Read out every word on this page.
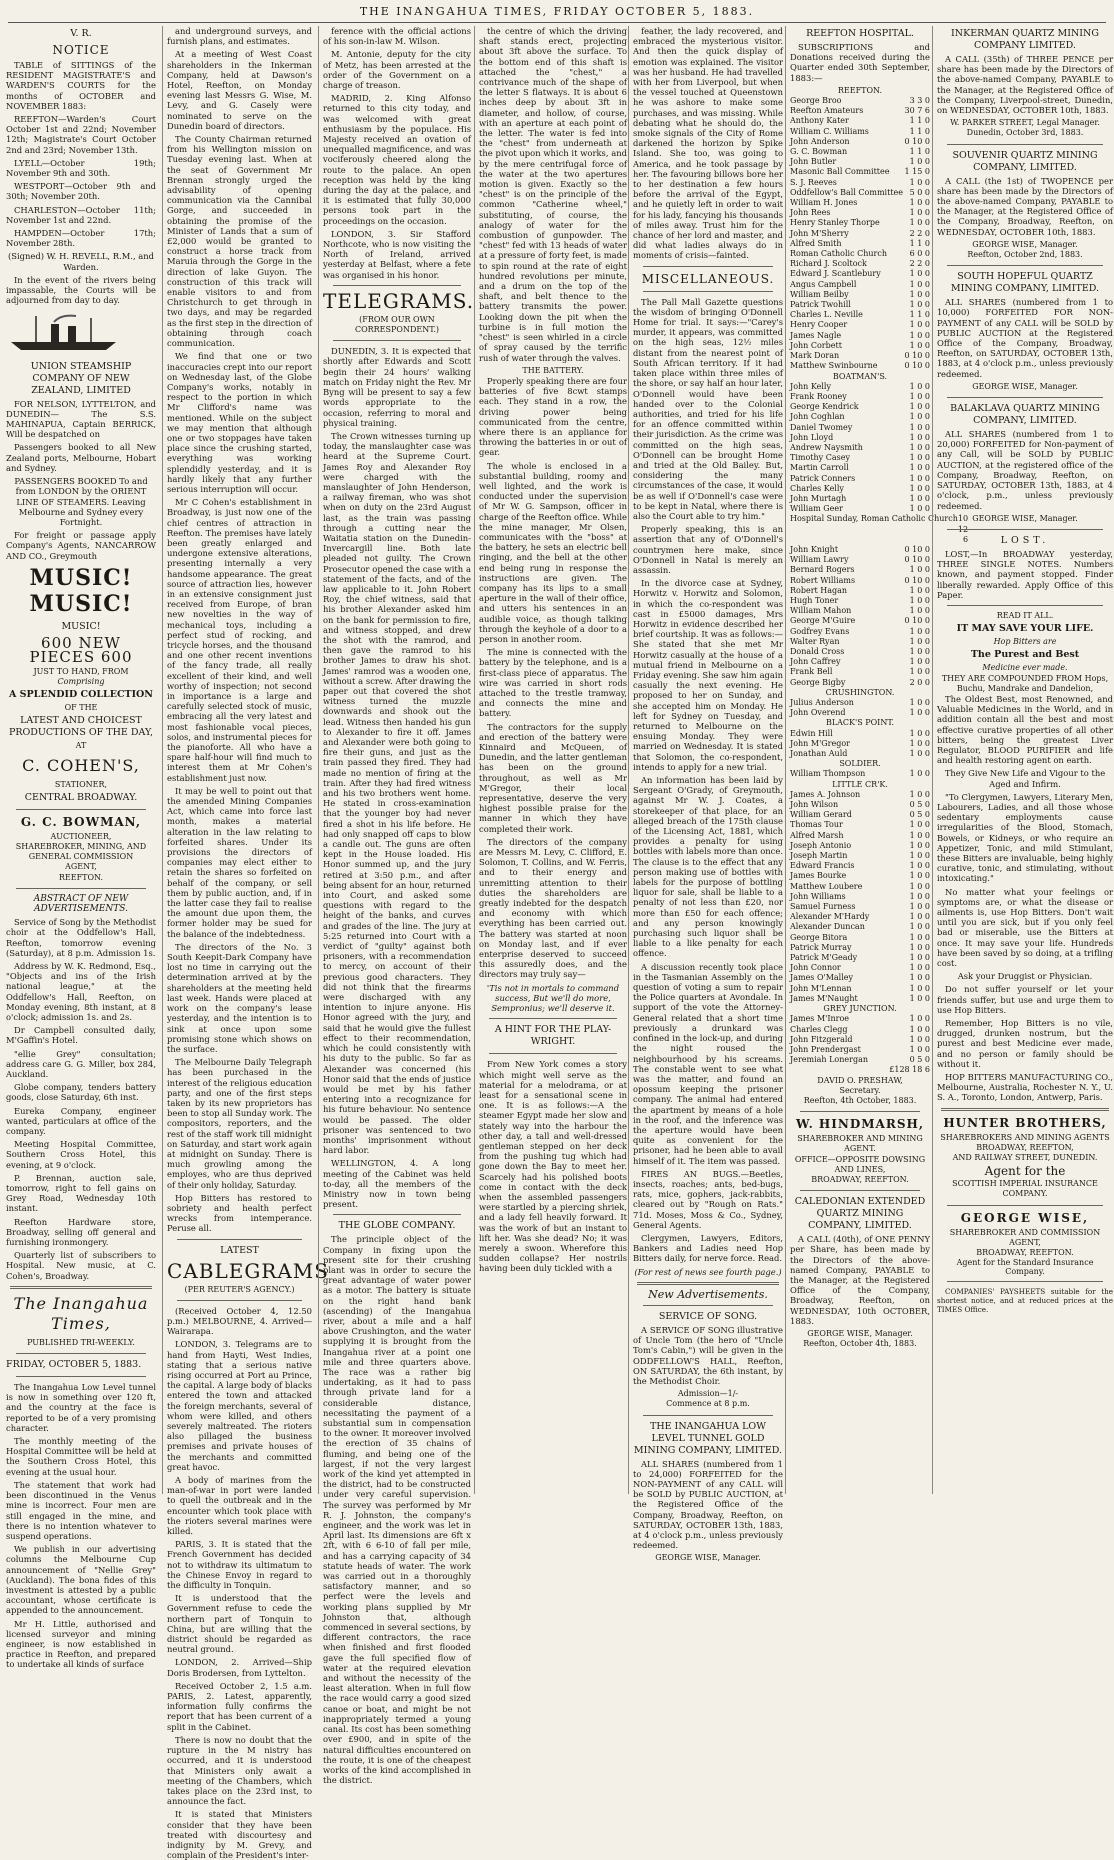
THE INANGAHUA TIMES, FRIDAY OCTOBER 5, 1883.
V. R.
NOTICE

TABLE of SITTINGS of the RESIDENT MAGISTRATE'S and WARDEN'S COURTS for the months of OCTOBER and NOVEMBER 1883:

REEFTON—Warden's Court October 1st and 22nd; November 12th; Magistrate's Court October 2nd and 23rd; November 13th.

LYELL—October 19th; November 9th and 30th.

WESTPORT—October 9th and 30th; November 20th.

CHARLESTON—October 11th; November 1st and 22nd.

HAMPDEN—October 17th; November 28th.

(Signed) W. H. REVELL, R.M., and Warden.

In the event of the rivers being impassable, the Courts will be adjourned from day to day.

UNION STEAMSHIP COMPANY OF NEW ZEALAND, LIMITED

FOR NELSON, LYTTELTON, and DUNEDIN— The S.S. MAHINAPUA, Captain BERRICK, Will be despatched on

Passengers booked to all New Zealand ports, Melbourne, Hobart and Sydney.

PASSENGERS BOOKED To and from LONDON by the ORIENT LINE OF STEAMERS. Leaving Melbourne and Sydney every Fortnight.

For freight or passage apply Company's Agents, NANCARROW AND CO., Greymouth

MUSIC! MUSIC!
MUSIC!
600 NEW PIECES 600
JUST TO HAND, FROM
Comprising
A SPLENDID COLLECTION
OF THE
LATEST AND CHOICEST PRODUCTIONS OF THE DAY,
AT
C. COHEN'S,
STATIONER,
CENTRAL BROADWAY.
G. C. BOWMAN,
AUCTIONEER,
SHAREBROKER, MINING, AND
GENERAL COMMISSION
AGENT,
REEFTON.
ABSTRACT OF NEW ADVERTISEMENTS.

Service of Song by the Methodist choir at the Oddfellow's Hall, Reefton, tomorrow evening (Saturday), at 8 p.m. Admission 1s.

Address by W. K. Redmond, Esq., "Objects and ins of the Irish national league," at the Oddfellow's Hall, Reefton, on Monday evening, 8th instant, at 8 o'clock; admission 1s. and 2s.

Dr Campbell consulted daily, M'Gaffin's Hotel.

"ellie Grey" consultation; address care G. G. Miller, box 284, Auckland.

Globe company, tenders battery goods, close Saturday, 6th inst.

Eureka Company, engineer wanted, particulars at office of the company.

Meeting Hospital Committee, Southern Cross Hotel, this evening, at 9 o'clock.

P. Brennan, auction sale, tomorrow, right to fell gains on Grey Road, Wednesday 10th instant.

Reefton Hardware store, Broadway, selling off general and furnishing ironmongery.

Quarterly list of subscribers to Hospital. New music, at C. Cohen's, Broadway.

The Inangahua Times,
PUBLISHED TRI-WEEKLY.
FRIDAY, OCTOBER 5, 1883.

The Inangahua Low Level tunnel is now in something over 120 ft, and the country at the face is reported to be of a very promising character.

The monthly meeting of the Hospital Committee will be held at the Southern Cross Hotel, this evening at the usual hour.

The statement that work had been discontinued in the Venus mine is incorrect. Four men are still engaged in the mine, and there is no intention whatever to suspend operations.

We publish in our advertising columns the Melbourne Cup announcement of "Nellie Grey" (Auckland). The bona fides of this investment is attested by a public accountant, whose certificate is appended to the announcement.

Mr H. Little, authorised and licensed surveyor and mining engineer, is now established in practice in Reefton, and prepared to undertake all kinds of surface

and underground surveys, and furnish plans, and estimates.

At a meeting of West Coast shareholders in the Inkerman Company, held at Dawson's Hotel, Reefton, on Monday evening last Messrs G. Wise, M. Levy, and G. Casely were nominated to serve on the Dunedin board of directors.

The County Chairman returned from his Wellington mission on Tuesday evening last. When at the seat of Government Mr Brennan strongly urged the advisability of opening communication via the Cannibal Gorge, and succeeded in obtaining the promise of the Minister of Lands that a sum of £2,000 would be granted to construct a horse track from Maruia through the Gorge in the direction of lake Guyon. The construction of this track will enable visitors to and from Christchurch to get through in two days, and may be regarded as the first step in the direction of obtaining through coach communication.

We find that one or two inaccuracies crept into our report on Wednesday last, of the Globe Company's works, notably in respect to the portion in which Mr Clifford's name was mentioned. While on the subject we may mention that although one or two stoppages have taken place since the crushing started, everything was working splendidly yesterday, and it is hardly likely that any further serious interruption will occur.

Mr C Cohen's establishment in Broadway, is just now one of the chief centres of attraction in Reefton. The premises have lately been greatly enlarged and undergone extensive alterations, presenting internally a very handsome appearance. The great source of attraction lies, however in an extensive consignment just received from Europe, of bran new novelties in the way of mechanical toys, including a perfect stud of rocking, and tricycle horses, and the thousand and one other recent inventions of the fancy trade, all really excellent of their kind, and well worthy of inspection; not second in importance is a large and carefully selected stock of music, embracing all the very latest and most fashionable vocal pieces, solos, and instrumental pieces for the pianoforte. All who have a spare half-hour will find much to interest them at Mr Cohen's establishment just now.

It may be well to point out that the amended Mining Companies Act, which came into force last month, makes a material alteration in the law relating to forfeited shares. Under its provisions the directors of companies may elect either to retain the shares so forfeited on behalf of the company, or sell them by public auction, and, if in the latter case they fail to realise the amount due upon them, the former holder may be sued for the balance of the indebtedness.

The directors of the No. 3 South Keepit-Dark Company have lost no time in carrying out the determination arrived at by the shareholders at the meeting held last week. Hands were placed at work on the company's lease yesterday, and the intention is to sink at once upon some promising stone which shows on the surface.

The Melbourne Daily Telegraph has been purchased in the interest of the religious education party, and one of the first steps taken by its new proprietors has been to stop all Sunday work. The compositors, reporters, and the rest of the staff work till midnight on Saturday, and start work again at midnight on Sunday. There is much growling among the employes, who are thus deprived of their only holiday, Saturday.

Hop Bitters has restored to sobriety and health perfect wrecks from intemperance. Peruse all.

LATEST
CABLEGRAMS
(PER REUTER'S AGENCY.)

(Received October 4, 12.50 p.m.) MELBOURNE, 4. Arrived—Wairarapa.

LONDON, 3. Telegrams are to hand from Hayti, West Indies, stating that a serious native rising occurred at Port au Prince, the capital. A large body of blacks entered the town and attacked the foreign merchants, several of whom were killed, and others severely maltreated. The rioters also pillaged the business premises and private houses of the merchants and committed great havoc.

A body of marines from the man-of-war in port were landed to quell the outbreak and in the encounter which took place with the rioters several marines were killed.

PARIS, 3. It is stated that the French Government has decided not to withdraw its ultimatum to the Chinese Envoy in regard to the difficulty in Tonquin.

It is understood that the Government refuse to cede the northern part of Tonquin to China, but are willing that the district should be regarded as neutral ground.

LONDON, 2. Arrived—Ship Doris Brodersen, from Lyttelton.

Received October 2, 1.5 a.m. PARIS, 2. Latest, apparently, information fully confirms the report that has been current of a split in the Cabinet.

There is now no doubt that the rupture in the M nistry has occurred, and it is understood that Ministers only await a meeting of the Chambers, which takes place on the 23rd inst, to announce the fact.

It is stated that Ministers consider that they have been treated with discourtesy and indignity by M. Grevy, and complain of the President's inter-

ference with the official actions of his son-in-law M. Wilson.

M. Antonie, deputy for the city of Metz, has been arrested at the order of the Government on a charge of treason.

MADRID, 2. King Alfonso returned to this city today, and was welcomed with great enthusiasm by the populace. His Majesty received an ovation of unequalled magnificence, and was vociferously cheered along the route to the palace. An open reception was held by the king during the day at the palace, and it is estimated that fully 30,000 persons took part in the proceedings on the occasion.

LONDON, 3. Sir Stafford Northcote, who is now visiting the North of Ireland, arrived yesterday at Belfast, where a fete was organised in his honor.

TELEGRAMS.
(FROM OUR OWN CORRESPONDENT.)

DUNEDIN, 3. It is expected that shortly after Edwards and Scott begin their 24 hours' walking match on Friday night the Rev. Mr Byng will be present to say a few words appropriate to the occasion, referring to moral and physical training.

The Crown witnesses turning up today, the manslaughter case was heard at the Supreme Court. James Roy and Alexander Roy were charged with the manslaughter of John Henderson, a railway fireman, who was shot when on duty on the 23rd August last, as the train was passing through a cutting near the Waitatia station on the Dunedin-Invercargill line. Both late pleaded not guilty. The Crown Prosecutor opened the case with a statement of the facts, and of the law applicable to it. John Robert Roy, the chief witness, said that his brother Alexander asked him on the bank for permission to fire, and witness stopped, and drew the shot with the ramrod, and then gave the ramrod to his brother James to draw his shot. James' ramrod was a wooden one, without a screw. After drawing the paper out that covered the shot witness turned the muzzle downwards and shook out the lead. Witness then handed his gun to Alexander to fire it off. James and Alexander were both going to fire their guns, and just as the train passed they fired. They had made no mention of firing at the train. After they had fired witness and his two brothers went home. He stated in cross-examination that the younger boy had never fired a shot in his life before. He had only snapped off caps to blow a candle out. The guns are often kept in the House loaded. His Honor summed up, and the jury retired at 3:50 p.m., and after being absent for an hour, returned into Court, and asked some questions with regard to the height of the banks, and curves and grades of the line. The jury at 5:25 returned into Court with a verdict of "guilty" against both prisoners, with a recommendation to mercy, on account of their previous good characters. They did not think that the firearms were discharged with any intention to injure anyone. His Honor agreed with the jury, and said that he would give the fullest effect to their recommendation, which he could consistently with his duty to the public. So far as Alexander was concerned (his Honor said that the ends of justice would be met by his father entering into a recognizance for his future behaviour. No sentence would be passed. The older prisoner was sentenced to two months' imprisonment without hard labor.

WELLINGTON, 4. A long meeting of the Cabinet was held to-day, all the members of the Ministry now in town being present.

THE GLOBE COMPANY.

The principle object of the Company in fixing upon the present site for their crushing plant was in order to secure the great advantage of water power as a motor. The battery is situate on the right hand bank (ascending) of the Inangahua river, about a mile and a half above Crushington, and the water supplying it is brought from the Inangahua river at a point one mile and three quarters above. The race was a rather big undertaking, as it had to pass through private land for a considerable distance, necessitating the payment of a substantial sum in compensation to the owner. It moreover involved the erection of 35 chains of fluming, and being one of the largest, if not the very largest work of the kind yet attempted in the district, had to be constructed under very careful supervision. The survey was performed by Mr R. J. Johnston, the company's engineer, and the work was let in April last. Its dimensions are 6ft x 2ft, with 6 6-10 of fall per mile, and has a carrying capacity of 34 statute heads of water. The work was carried out in a thoroughly satisfactory manner, and so perfect were the levels and working plans supplied by Mr Johnston that, although commenced in several sections, by different contractors, the race when finished and first flooded gave the full specified flow of water at the required elevation and without the necessity of the least alteration. When in full flow the race would carry a good sized canoe or boat, and might be not inappropriately termed a young canal. Its cost has been something over £900, and in spite of the natural difficulties encountered on the route, it is one of the cheapest works of the kind accomplished in the district.

the centre of which the driving shaft stands erect, projecting about 3ft above the surface. To the bottom end of this shaft is attached the "chest," a contrivance much of the shape of the letter S flatways. It is about 6 inches deep by about 3ft in diameter, and hollow, of course, with an aperture at each point of the letter. The water is fed into the "chest" from underneath at the pivot upon which it works, and by the mere centrifugal force of the water at the two apertures motion is given. Exactly so the "chest" is on the principle of the common "Catherine wheel," substituting, of course, the analogy of water for the combustion of gunpowder. The "chest" fed with 13 heads of water at a pressure of forty feet, is made to spin round at the rate of eight hundred revolutions per minute, and a drum on the top of the shaft, and belt thence to the battery transmits the power. Looking down the pit when the turbine is in full motion the "chest" is seen whirled in a circle of spray caused by the terrific rush of water through the valves.

THE BATTERY.

Properly speaking there are four batteries of five 8cwt stamps each. They stand in a row, the driving power being communicated from the centre, where there is an appliance for throwing the batteries in or out of gear.

The whole is enclosed in a substantial building, roomy and well lighted, and the work is conducted under the supervision of Mr W. G. Sampson, officer in charge of the Reefton office. While the mine manager, Mr Olsen, communicates with the "boss" at the battery, he sets an electric bell ringing, and the bell at the other end being rung in response the instructions are given. The company has its lips to a small aperture in the wall of their office, and utters his sentences in an audible voice, as though talking through the keyhole of a door to a person in another room.

The mine is connected with the battery by the telephone, and is a first-class piece of apparatus. The wire was carried in short rods attached to the trestle tramway, and connects the mine and battery.

The contractors for the supply and erection of the battery were Kinnaird and McQueen, of Dunedin, and the latter gentleman has been on the ground throughout, as well as Mr M'Gregor, their local representative, deserve the very highest possible praise for the manner in which they have completed their work.

The directors of the company are Messrs M. Levy, C. Clifford, E. Solomon, T. Collins, and W. Ferris, and to their energy and unremitting attention to their duties the shareholders are greatly indebted for the despatch and economy with which everything has been carried out. The battery was started at noon on Monday last, and if ever enterprise deserved to succeed this assuredly does, and the directors may truly say—

'Tis not in mortals to command success, But we'll do more, Sempronius; we'll deserve it.

A HINT FOR THE PLAY-WRIGHT.

From New York comes a story which might well serve as the material for a melodrama, or at least for a sensational scene in one. It is as follows:—A the steamer Egypt made her slow and stately way into the harbour the other day, a tall and well-dressed gentleman stepped on her deck from the pushing tug which had gone down the Bay to meet her. Scarcely had his polished boots come in contact with the deck when the assembled passengers were startled by a piercing shriek, and a lady fell heavily forward. It was the work of but an instant to lift her. Was she dead? No; it was merely a swoon. Wherefore this sudden collapse? Her nostrils having been duly tickled with a

feather, the lady recovered, and embraced the mysterious visitor. And then the quick display of emotion was explained. The visitor was her husband. He had travelled with her from Liverpool, but when the vessel touched at Queenstown he was ashore to make some purchases, and was missing. While debating what he should do, the smoke signals of the City of Rome darkened the horizon by Spike Island. She too, was going to America, and he took passage by her. The favouring billows bore her to her destination a few hours before the arrival of the Egypt, and he quietly left in order to wait for his lady, fancying his thousands of miles away. Trust him for the chance of her lord and master, and did what ladies always do in moments of crisis—fainted.

MISCELLANEOUS.

The Pall Mall Gazette questions the wisdom of bringing O'Donnell Home for trial. It says:—"Carey's murder, it appears, was committed on the high seas, 12½ miles distant from the nearest point of South African territory. If it had taken place within three miles of the shore, or say half an hour later, O'Donnell would have been handed over to the Colonial authorities, and tried for his life for an offence committed within their jurisdiction. As the crime was committed on the high seas, O'Donnell can be brought Home and tried at the Old Bailey. But, considering the many circumstances of the case, it would be as well if O'Donnell's case were to be kept in Natal, where there is also the Court able to try him."

Properly speaking, this is an assertion that any of O'Donnell's countrymen here make, since O'Donnell in Natal is merely an assassin.

In the divorce case at Sydney, Horwitz v. Horwitz and Solomon, in which the co-respondent was cast in £5000 damages, Mrs Horwitz in evidence described her brief courtship. It was as follows:—She stated that she met Mr Horwitz casually at the house of a mutual friend in Melbourne on a Friday evening. She saw him again casually the next evening. He proposed to her on Sunday, and she accepted him on Monday. He left for Sydney on Tuesday, and returned to Melbourne on the ensuing Monday. They were married on Wednesday. It is stated that Solomon, the co-respondent, intends to apply for a new trial.

An information has been laid by Sergeant O'Grady, of Greymouth, against Mr W. J. Coates, a storekeeper of that place, for an alleged breach of the 175th clause of the Licensing Act, 1881, which provides a penalty for using bottles with labels more than once. The clause is to the effect that any person making use of bottles with labels for the purpose of bottling liquor for sale, shall be liable to a penalty of not less than £20, nor more than £50 for each offence; and any person knowingly purchasing such liquor shall be liable to a like penalty for each offence.

A discussion recently took place in the Tasmanian Assembly on the question of voting a sum to repair the Police quarters at Avondale. In support of the vote the Attorney-General related that a short time previously a drunkard was confined in the lock-up, and during the night roused the neighbourhood by his screams. The constable went to see what was the matter, and found an opossum keeping the prisoner company. The animal had entered the apartment by means of a hole in the roof, and the inference was the aperture would have been quite as convenient for the prisoner, had he been able to avail himself of it. The item was passed.

FIRES AN BUGS.—Beetles, insects, roaches; ants, bed-bugs, rats, mice, gophers, jack-rabbits, cleared out by "Rough on Rats." 71d. Moses, Moss & Co., Sydney, General Agents.

Clergymen, Lawyers, Editors, Bankers and Ladies need Hop Bitters daily, for nerve force. Read.

(For rest of news see fourth page.)

New Advertisements.
SERVICE OF SONG.

A SERVICE OF SONG illustrative of Uncle Tom (the hero of "Uncle Tom's Cabin,") will be given in the ODDFELLOW'S HALL, Reefton, ON SATURDAY, the 6th instant, by the Methodist Choir.

Admission—1/-
Commence at 8 p.m.
THE INANGAHUA LOW LEVEL TUNNEL GOLD MINING COMPANY, LIMITED.

ALL SHARES (numbered from 1 to 24,000) FORFEITED for the NON-PAYMENT of any CALL will be SOLD by PUBLIC AUCTION, at the Registered Office of the Company, Broadway, Reefton, on SATURDAY, OCTOBER 13th, 1883, at 4 o'clock p.m., unless previously redeemed.

GEORGE WISE, Manager.
REEFTON HOSPITAL.

SUBSCRIPTIONS and Donations received during the Quarter ended 30th September, 1883:—

REEFTON.
George Broo	3 3 0
Reefton Amateurs	30 7 6
Anthony Kater	1 1 0
William C. Williams	1 1 0
John Anderson	0 10 0
G. C. Bowman	1 1 0
John Butler	1 0 0
Masonic Ball Committee	1 15 0
S. J. Reeves	1 0 0
Oddfellow's Ball Committee 5 0 0
William H. Jones	1 0 0
John Rees	1 0 0
Henry Stanley Thorpe	1 0 0
John M'Sherry	2 2 0
Alfred Smith	1 1 0
Roman Catholic Church	6 0 0
Richard J. Scoltock	2 2 0
Edward J. Scantlebury	1 0 0
Angus Campbell	1 0 0
William Beilby	1 0 0
Patrick Twohill	1 0 0
Charles L. Neville	1 1 0
Henry Cooper	1 0 0
James Nagle	1 0 0
John Corbett	1 0 0
Mark Doran	0 10 0
Matthew Swinbourne	0 10 0
BOATMAN'S.
John Kelly	1 0 0
Frank Rooney	1 0 0
George Kendrick	1 0 0
John Coghlan	1 0 0
Daniel Twomey	1 0 0
John Lloyd	1 0 0
Andrew Naysmith	1 0 0
Timothy Casey	1 0 0
Martin Carroll	1 0 0
Patrick Conners	1 0 0
Charles Kelly	1 0 0
John Murtagh	1 0 0
William Geer	1 0 0
Hospital Sunday, Roman Catholic Church 10 12 6
John Knight	0 10 0
William Lawry	0 10 0
Bernard Rogers	1 0 0
Robert Williams	0 10 0
Robert Hagan	1 0 0
Hugh Toner	1 0 0
William Mahon	1 0 0
George M'Guire	0 10 0
Godfrey Evans	1 0 0
Walter Ryan	1 0 0
Donald Cross	1 0 0
John Caffrey	1 0 0
Frank Bell	1 0 0
George Bigby	2 0 0
CRUSHINGTON.
Julius Anderson	1 0 0
John Overend	1 0 0
BLACK'S POINT.
Edwin Hill	1 0 0
John M'Gregor	1 0 0
Jonathan Auld	1 0 0
SOLDIER.
William Thompson	1 0 0
LITTLE CR'K.
James A. Johnson	1 0 0
John Wilson	0 5 0
William Gerard	0 5 0
Thomas Tour	1 0 0
Alfred Marsh	1 0 0
Joseph Antonio	1 0 0
Joseph Martin	1 0 0
Edward Francis	1 0 0
James Bourke	1 0 0
Matthew Loubere	1 0 0
John Williams	1 0 0
Samuel Furness	1 0 0
Alexander M'Hardy	1 0 0
Alexander Duncan	1 0 0
George Bitora	1 0 0
Patrick Murray	1 0 0
Patrick M'Geady	1 0 0
John Connor	1 0 0
James O'Malley	1 0 0
John M'Lennan	1 0 0
James M'Naught	1 0 0
GREY JUNCTION.
James M'Inroe	1 0 0
Charles Clegg	1 0 0
John Fitzgerald	1 0 0
John Prendergast	1 0 0
Jeremiah Lonergan	0 5 0
£128 18 6
DAVID O. PRESHAW,
Secretary.
Reefton, 4th October, 1883.
W. HINDMARSH,
SHAREBROKER AND MINING AGENT.
OFFICE—OPPOSITE DOWSING AND LINES,
BROADWAY, REEFTON.
CALEDONIAN EXTENDED QUARTZ MINING COMPANY, LIMITED.

A CALL (40th), of ONE PENNY per Share, has been made by the Directors of the above-named Company, PAYABLE to the Manager, at the Registered Office of the Company, Broadway, Reefton, on WEDNESDAY, 10th OCTOBER, 1883.

GEORGE WISE, Manager.
Reefton, October 4th, 1883.
INKERMAN QUARTZ MINING COMPANY LIMITED.

A CALL (35th) of THREE PENCE per share has been made by the Directors of the above-named Company, PAYABLE to the Manager, at the Registered Office of the Company, Liverpool-street, Dunedin, on WEDNESDAY, OCTOBER 10th, 1883.

W. PARKER STREET, Legal Manager.
Dunedin, October 3rd, 1883.
SOUVENIR QUARTZ MINING COMPANY, LIMITED.

A CALL (the 1st) of TWOPENCE per share has been made by the Directors of the above-named Company, PAYABLE to the Manager, at the Registered Office of the Company, Broadway, Reefton, on WEDNESDAY, OCTOBER 10th, 1883.

GEORGE WISE, Manager.
Reefton, October 2nd, 1883.
SOUTH HOPEFUL QUARTZ MINING COMPANY, LIMITED.

ALL SHARES (numbered from 1 to 10,000) FORFEITED FOR NON-PAYMENT of any CALL will be SOLD by PUBLIC AUCTION at the Registered Office of the Company, Broadway, Reefton, on SATURDAY, OCTOBER 13th, 1883, at 4 o'clock p.m., unless previously redeemed.

GEORGE WISE, Manager.
BALAKLAVA QUARTZ MINING COMPANY, LIMITED.

ALL SHARES (numbered from 1 to 20,000) FORFEITED for Non-payment of any Call, will be SOLD by PUBLIC AUCTION, at the registered office of the Company, Broadway, Reefton, on SATURDAY, OCTOBER 13th, 1883, at 4 o'clock, p.m., unless previously redeemed.

GEORGE WISE, Manager.
LOST.

LOST,—In BROADWAY yesterday, THREE SINGLE NOTES. Numbers known, and payment stopped. Finder liberally rewarded. Apply Office of this Paper.

READ IT ALL.
IT MAY SAVE YOUR LIFE.
Hop Bitters are
The Purest and Best
Medicine ever made.
THEY ARE COMPOUNDED FROM Hops, Buchu, Mandrake and Dandelion,

The Oldest Best, most Renowned, and Valuable Medicines in the World, and in addition contain all the best and most effective curative properties of all other bitters, being the greatest Liver Regulator, BLOOD PURIFIER and life and health restoring agent on earth.

They Give New Life and Vigour to the Aged and Infirm.

"To Clergymen, Lawyers, Literary Men, Labourers, Ladies, and all those whose sedentary employments cause irregularities of the Blood, Stomach, Bowels, or Kidneys, or who require an Appetizer, Tonic, and mild Stimulant, these Bitters are invaluable, being highly curative, tonic, and stimulating, without intoxicating."

No matter what your feelings or symptoms are, or what the disease or ailments is, use Hop Bitters. Don't wait until you are sick, but if you only feel bad or miserable, use the Bitters at once. It may save your life. Hundreds have been saved by so doing, at a trifling cost.

Ask your Druggist or Physician.

Do not suffer yourself or let your friends suffer, but use and urge them to use Hop Bitters.

Remember, Hop Bitters is no vile, drugged, drunken nostrum, but the purest and best Medicine ever made, and no person or family should be without it.

HOP BITTERS MANUFACTURING CO., Melbourne, Australia, Rochester N. Y., U. S. A., Toronto, London, Antwerp, Paris.

HUNTER BROTHERS,
SHAREBROKERS AND MINING AGENTS
BROADWAY, REEFTON,
AND RAILWAY STREET, DUNEDIN.
Agent for the
SCOTTISH IMPERIAL INSURANCE
COMPANY.
GEORGE WISE,
SHAREBROKER AND COMMISSION AGENT,
BROADWAY, REEFTON.
Agent for the Standard Insurance Company.

COMPANIES' PAYSHEETS suitable for the shortest notice, and at reduced prices at the TIMES Office.
